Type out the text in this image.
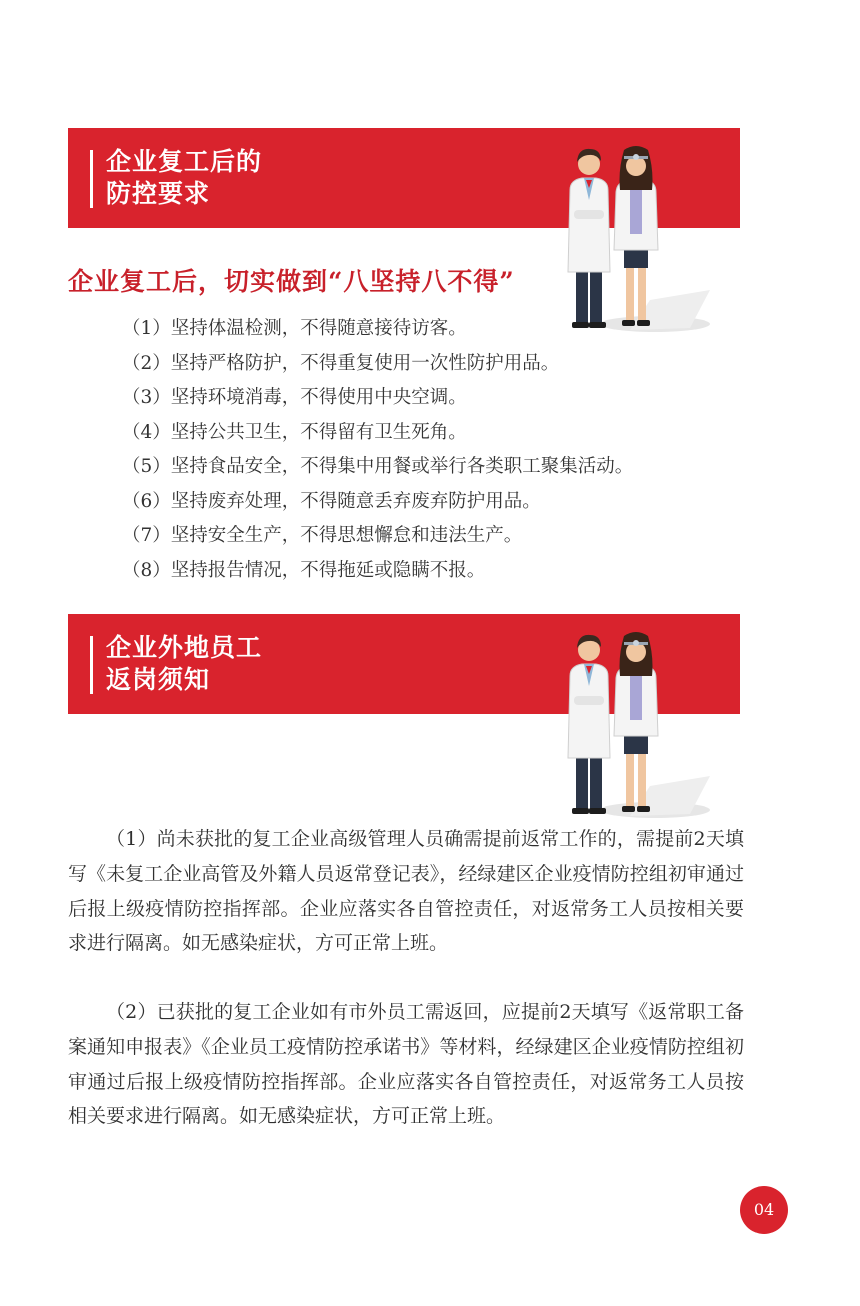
企业复工后的
防控要求
企业复工后，切实做到“八坚持八不得”
（1）坚持体温检测，不得随意接待访客。
（2）坚持严格防护，不得重复使用一次性防护用品。
（3）坚持环境消毒，不得使用中央空调。
（4）坚持公共卫生，不得留有卫生死角。
（5）坚持食品安全，不得集中用餐或举行各类职工聚集活动。
（6）坚持废弃处理，不得随意丢弃废弃防护用品。
（7）坚持安全生产，不得思想懈怠和违法生产。
（8）坚持报告情况，不得拖延或隐瞒不报。
企业外地员工
返岗须知

（1）尚未获批的复工企业高级管理人员确需提前返常工作的，需提前2天填写《未复工企业高管及外籍人员返常登记表》，经绿建区企业疫情防控组初审通过后报上级疫情防控指挥部。企业应落实各自管控责任，对返常务工人员按相关要求进行隔离。如无感染症状，方可正常上班。

（2）已获批的复工企业如有市外员工需返回，应提前2天填写《返常职工备案通知申报表》《企业员工疫情防控承诺书》等材料，经绿建区企业疫情防控组初审通过后报上级疫情防控指挥部。企业应落实各自管控责任，对返常务工人员按相关要求进行隔离。如无感染症状，方可正常上班。

04
